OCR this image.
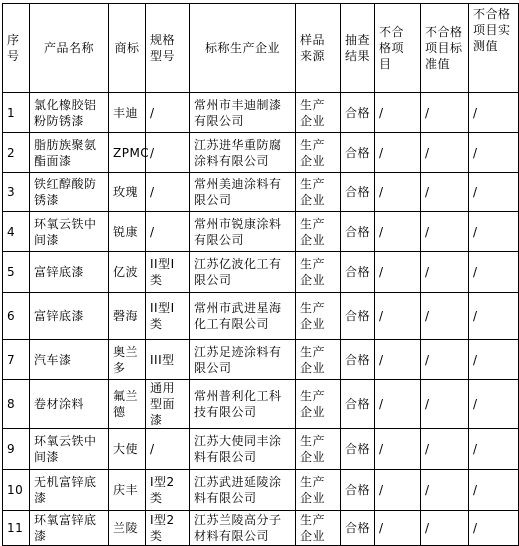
序号	产品名称	商标	规格型号	标称生产企业	样品来源	抽查结果	不合格项目	不合格项目标准值	不合格项目实测值
1	氯化橡胶铝粉防锈漆	丰迪	/	常州市丰迪制漆有限公司	生产企业	合格	/	/	/
2	脂肪族聚氨酯面漆	ZPMC	/	江苏进华重防腐涂料有限公司	生产企业	合格	/	/	/
3	铁红醇酸防锈漆	玫瑰	/	常州美迪涂料有限公司	生产企业	合格	/	/	/
4	环氧云铁中间漆	锐康	/	常州市锐康涂料有限公司	生产企业	合格	/	/	/
5	富锌底漆	亿波	II型I类	江苏亿波化工有限公司	生产企业	合格	/	/	/
6	富锌底漆	磬海	II型I类	常州市武进星海化工有限公司	生产企业	合格	/	/	/
7	汽车漆	奥兰多	III型	江苏足迹涂料有限公司	生产企业	合格	/	/	/
8	卷材涂料	氟兰德	通用型面漆	常州普利化工科技有限公司	生产企业	合格	/	/	/
9	环氧云铁中间漆	大使	/	江苏大使同丰涂料有限公司	生产企业	合格	/	/	/
10	无机富锌底漆	庆丰	I型2类	江苏武进延陵涂料有限公司	生产企业	合格	/	/	/
11	环氧富锌底漆	兰陵	I型2类	江苏兰陵高分子材料有限公司	生产企业	合格	/	/	/
